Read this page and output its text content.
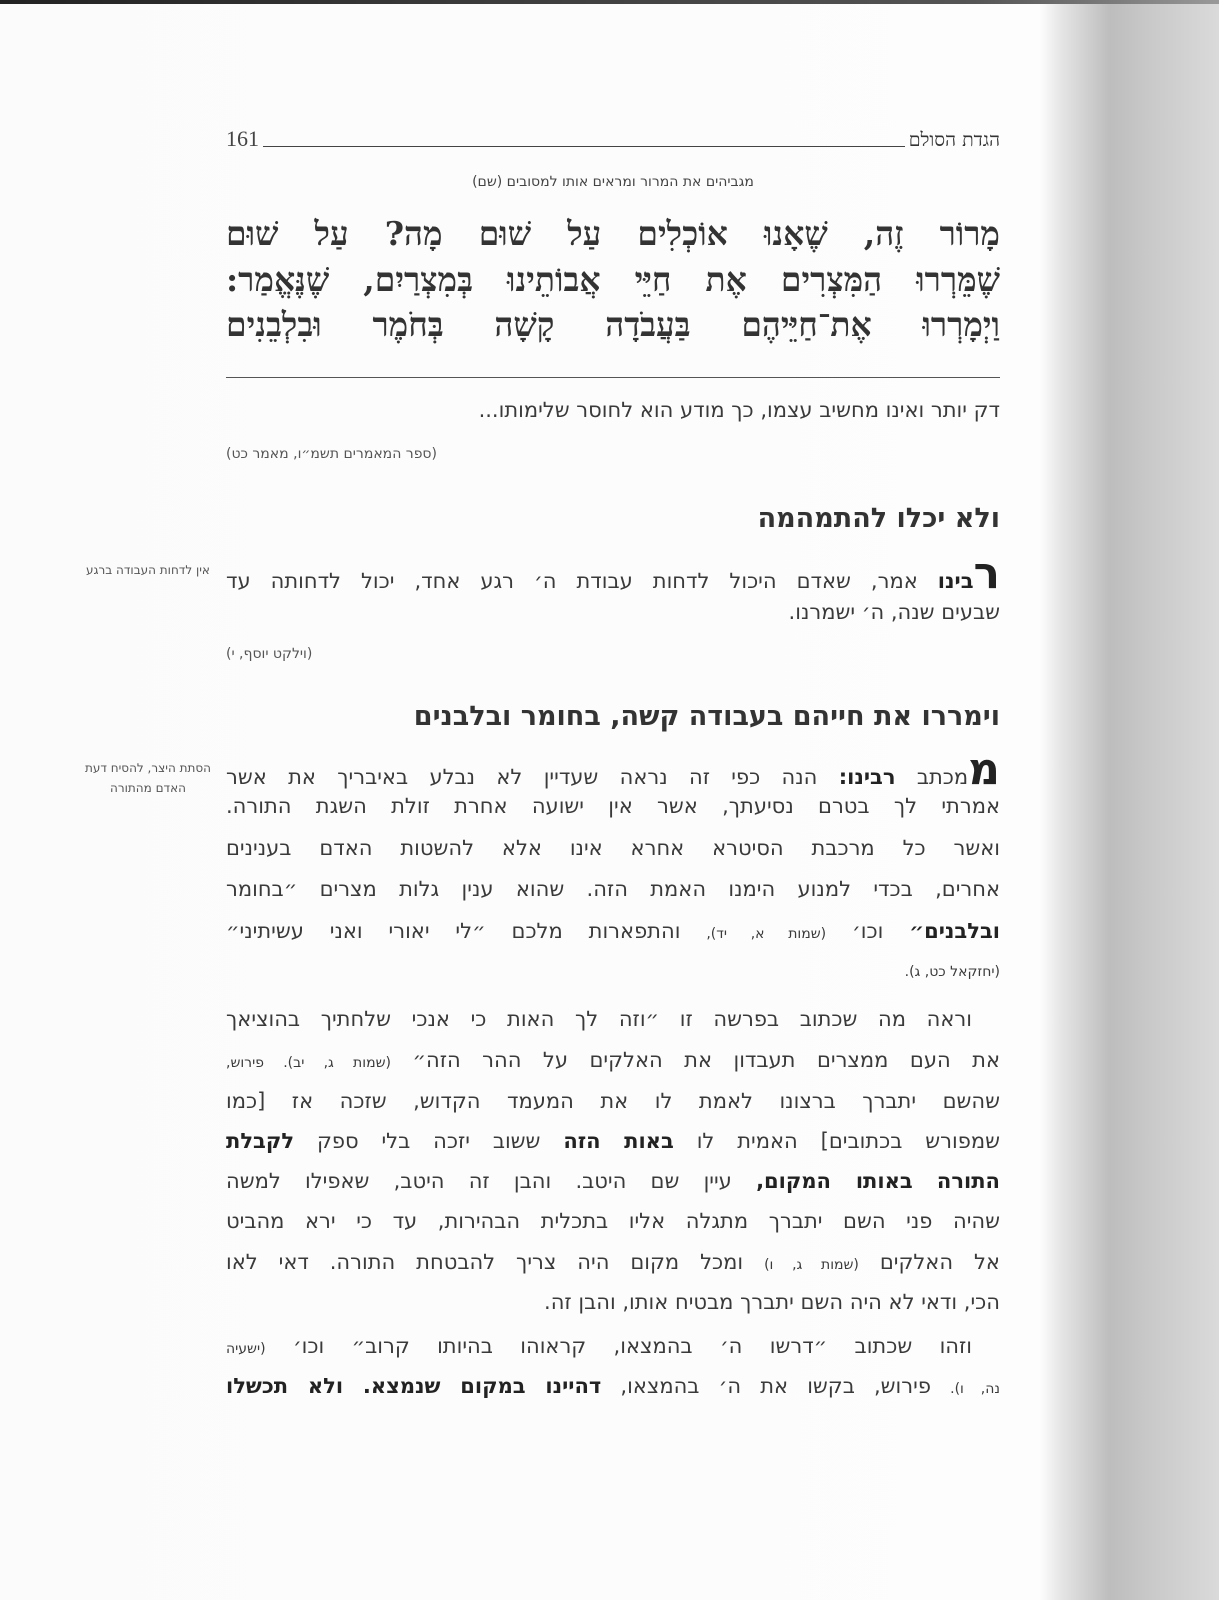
הגדת הסולם
161
מגביהים את המרור ומראים אותו למסובים (שם)
מָרוֹר זֶה, שֶׁאָנוּ אוֹכְלִים עַל שׁוּם מָה? עַל שׁוּם
שֶׁמֵּרְרוּ הַמִּצְרִים אֶת חַיֵּי אֲבוֹתֵינוּ בְּמִצְרַיִם, שֶׁנֶּאֱמַר:
וַיְמָרְרוּ אֶת־חַיֵּיהֶם בַּעֲבֹדָה קָשָׁה בְּחֹמֶר וּבִלְבֵנִים
דק יותר ואינו מחשיב עצמו, כך מודע הוא לחוסר שלימותו...
(ספר המאמרים תשמ״ו, מאמר כט)
ולא יכלו להתמהמה
אין לדחות העבודה ברגע	רבינו אמר, שאדם היכול לדחות עבודת ה׳ רגע אחד, יכול לדחותה עד
שבעים שנה, ה׳ ישמרנו.
(וילקט יוסף, י)
וימררו את חייהם בעבודה קשה, בחומר ובלבנים
הסתת היצר, להסיח דעת האדם מהתורה	ממכתב רבינו: הנה כפי זה נראה שעדיין לא נבלע באיבריך את אשר
אמרתי לך בטרם נסיעתך, אשר אין ישועה אחרת זולת השגת התורה.
ואשר כל מרכבת הסיטרא אחרא אינו אלא להשטות האדם בענינים
אחרים, בכדי למנוע הימנו האמת הזה. שהוא ענין גלות מצרים ״בחומר
ובלבנים״ וכו׳ (שמות א, יד), והתפארות מלכם ״לי יאורי ואני עשיתיני״
(יחזקאל כט, ג).
וראה מה שכתוב בפרשה זו ״וזה לך האות כי אנכי שלחתיך בהוציאך
את העם ממצרים תעבדון את האלקים על ההר הזה״ (שמות ג, יב). פירוש,
שהשם יתברך ברצונו לאמת לו את המעמד הקדוש, שזכה אז [כמו
שמפורש בכתובים] האמית לו באות הזה ששוב יזכה בלי ספק לקבלת
התורה באותו המקום, עיין שם היטב. והבן זה היטב, שאפילו למשה
שהיה פני השם יתברך מתגלה אליו בתכלית הבהירות, עד כי ירא מהביט
אל האלקים (שמות ג, ו) ומכל מקום היה צריך להבטחת התורה. דאי לאו
הכי, ודאי לא היה השם יתברך מבטיח אותו, והבן זה.
וזהו שכתוב ״דרשו ה׳ בהמצאו, קראוהו בהיותו קרוב״ וכו׳ (ישעיה
נה, ו). פירוש, בקשו את ה׳ בהמצאו, דהיינו במקום שנמצא. ולא תכשלו
